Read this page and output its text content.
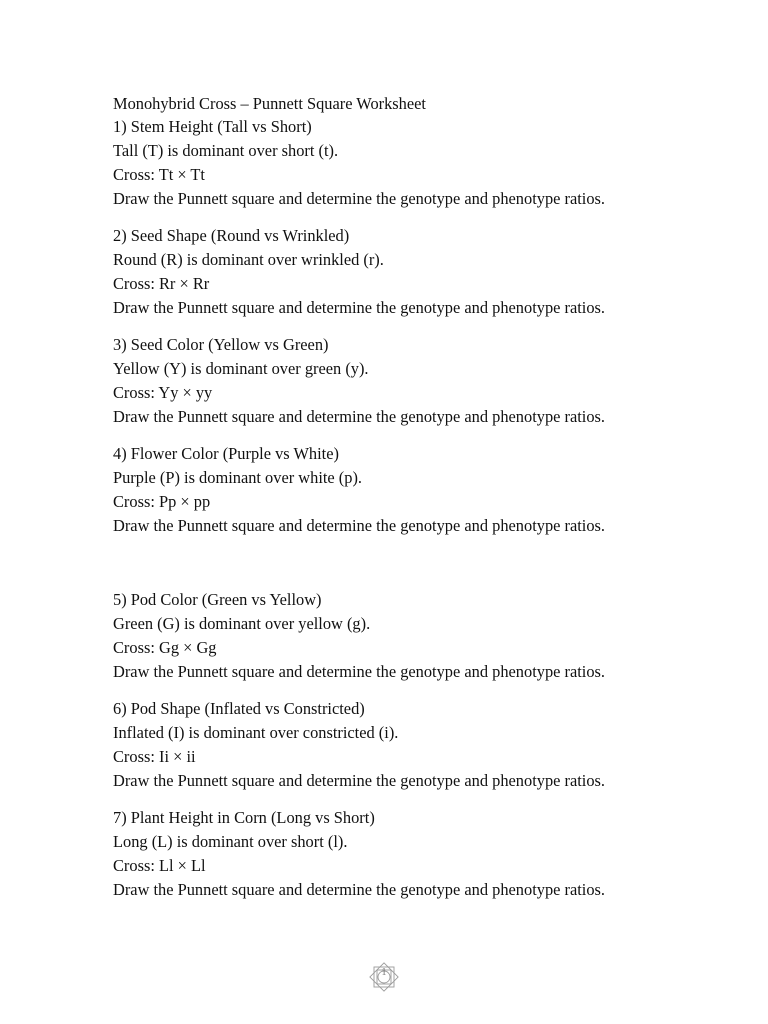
Monohybrid Cross – Punnett Square Worksheet
1) Stem Height (Tall vs Short)
Tall (T) is dominant over short (t).
Cross: Tt × Tt
Draw the Punnett square and determine the genotype and phenotype ratios.
2) Seed Shape (Round vs Wrinkled)
Round (R) is dominant over wrinkled (r).
Cross: Rr × Rr
Draw the Punnett square and determine the genotype and phenotype ratios.
3) Seed Color (Yellow vs Green)
Yellow (Y) is dominant over green (y).
Cross: Yy × yy
Draw the Punnett square and determine the genotype and phenotype ratios.
4) Flower Color (Purple vs White)
Purple (P) is dominant over white (p).
Cross: Pp × pp
Draw the Punnett square and determine the genotype and phenotype ratios.
5) Pod Color (Green vs Yellow)
Green (G) is dominant over yellow (g).
Cross: Gg × Gg
Draw the Punnett square and determine the genotype and phenotype ratios.
6) Pod Shape (Inflated vs Constricted)
Inflated (I) is dominant over constricted (i).
Cross: Ii × ii
Draw the Punnett square and determine the genotype and phenotype ratios.
7) Plant Height in Corn (Long vs Short)
Long (L) is dominant over short (l).
Cross: Ll × Ll
Draw the Punnett square and determine the genotype and phenotype ratios.
1
